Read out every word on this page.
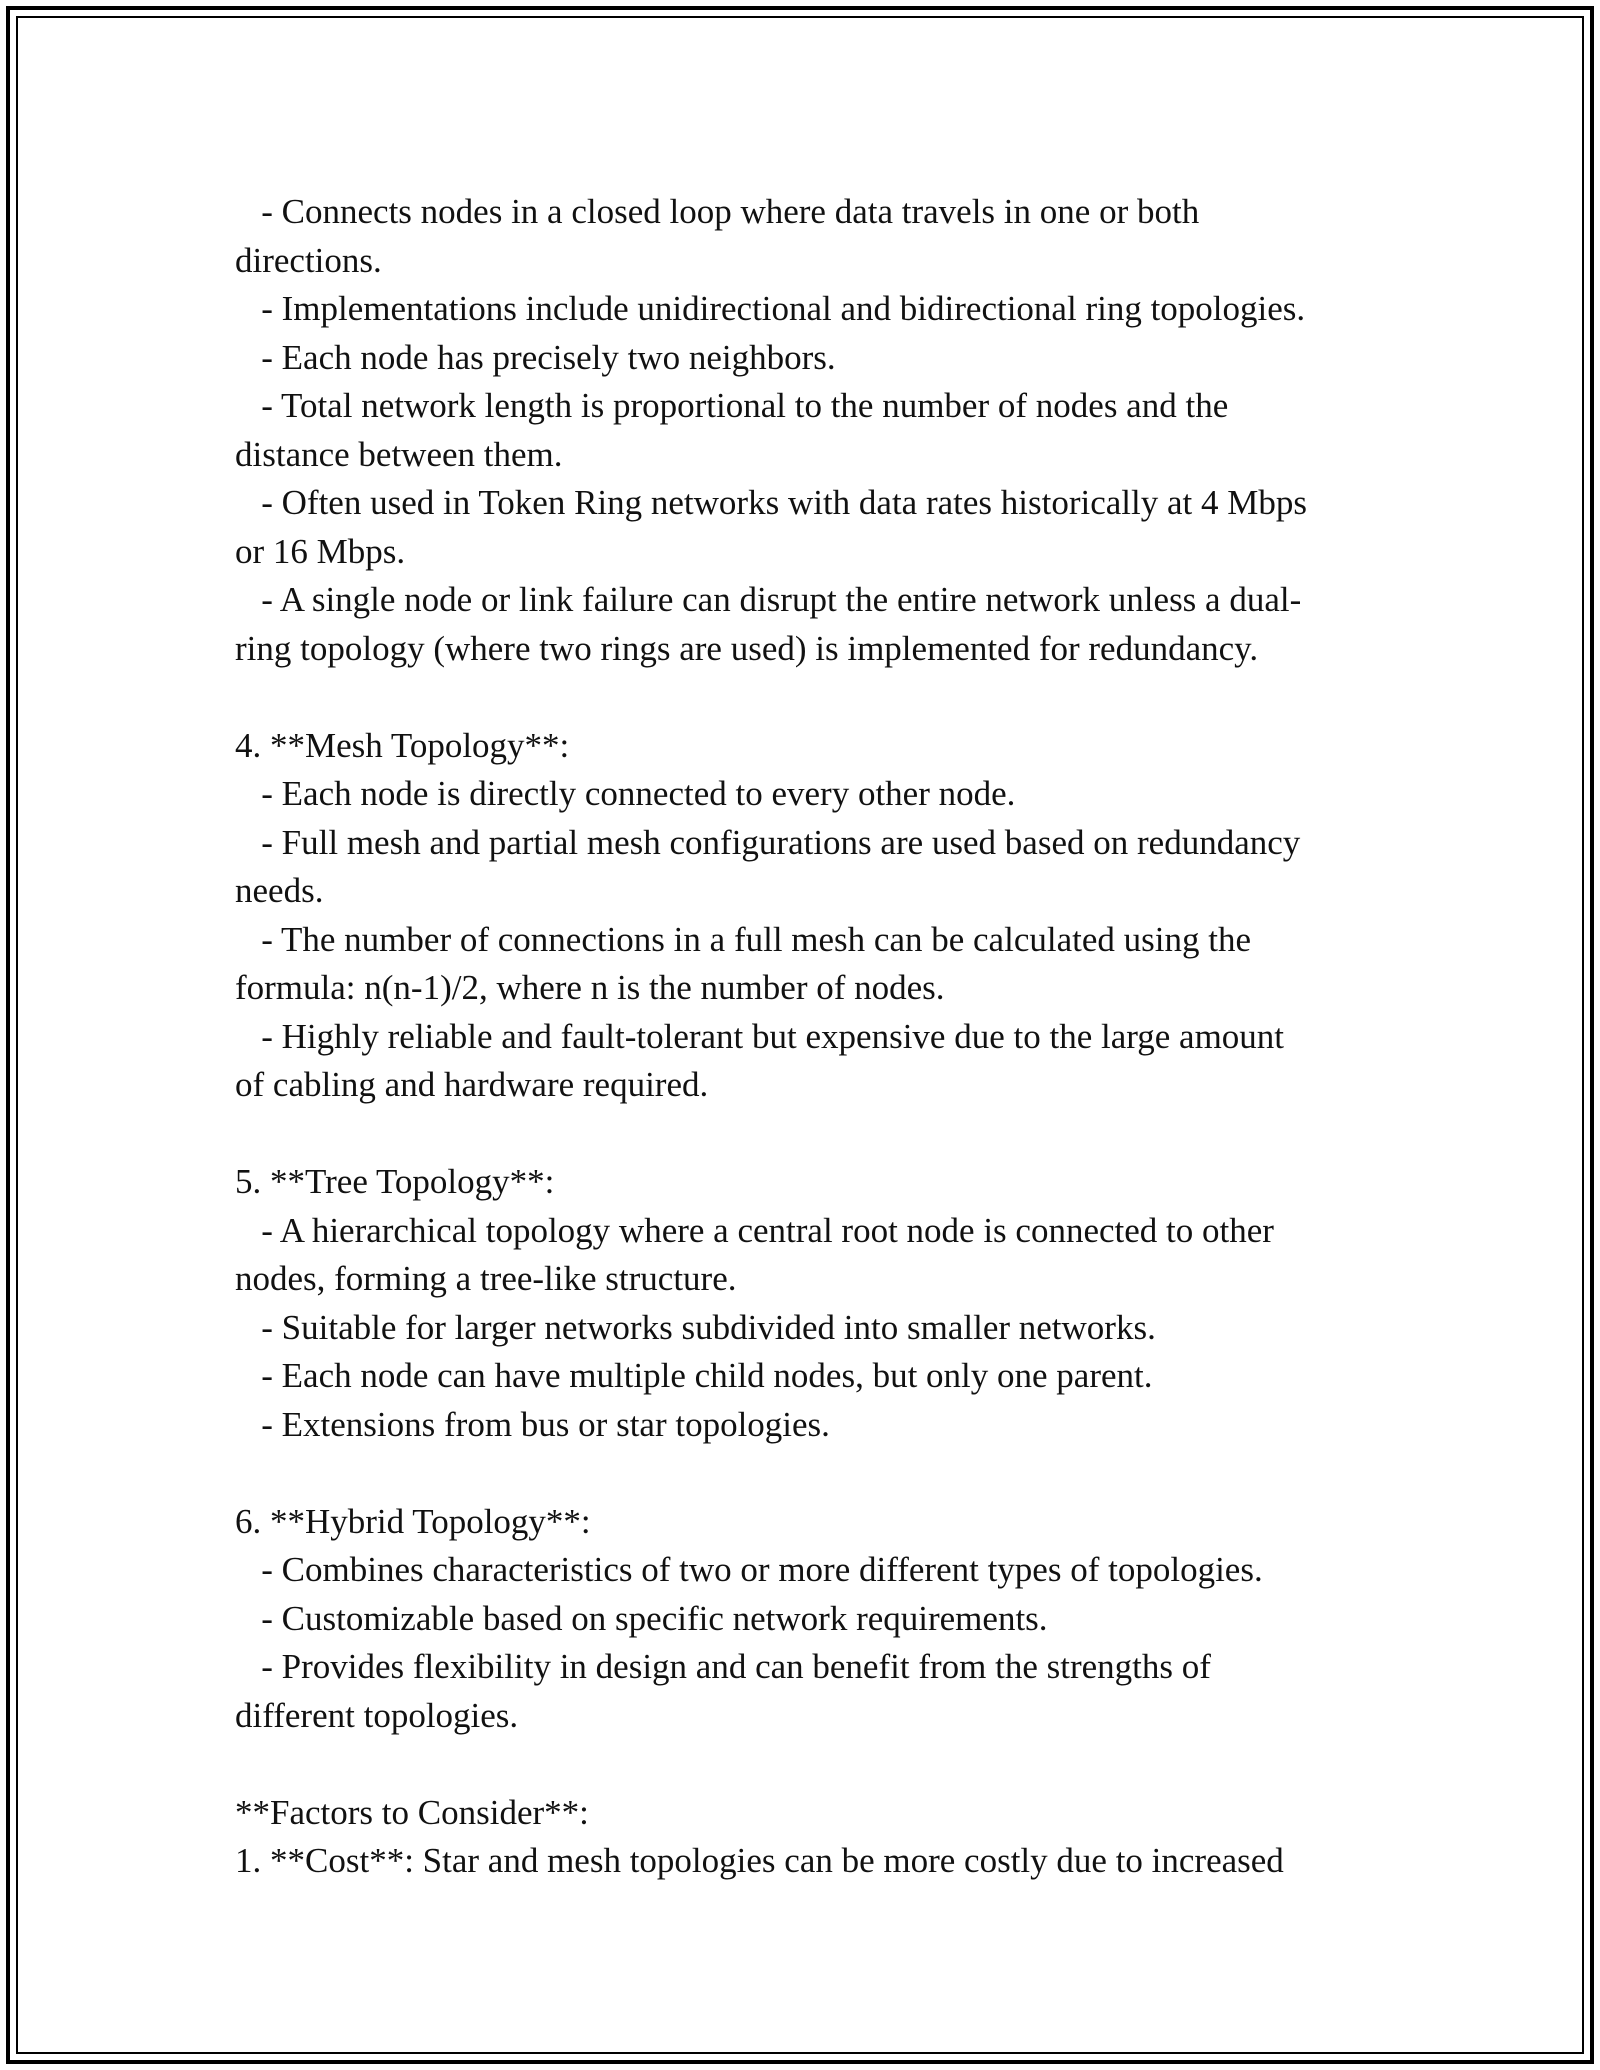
- Connects nodes in a closed loop where data travels in one or both

directions.

- Implementations include unidirectional and bidirectional ring topologies.

- Each node has precisely two neighbors.

- Total network length is proportional to the number of nodes and the

distance between them.

- Often used in Token Ring networks with data rates historically at 4 Mbps

or 16 Mbps.

- A single node or link failure can disrupt the entire network unless a dual-

ring topology (where two rings are used) is implemented for redundancy.

4. **Mesh Topology**:

- Each node is directly connected to every other node.

- Full mesh and partial mesh configurations are used based on redundancy

needs.

- The number of connections in a full mesh can be calculated using the

formula: n(n-1)/2, where n is the number of nodes.

- Highly reliable and fault-tolerant but expensive due to the large amount

of cabling and hardware required.

5. **Tree Topology**:

- A hierarchical topology where a central root node is connected to other

nodes, forming a tree-like structure.

- Suitable for larger networks subdivided into smaller networks.

- Each node can have multiple child nodes, but only one parent.

- Extensions from bus or star topologies.

6. **Hybrid Topology**:

- Combines characteristics of two or more different types of topologies.

- Customizable based on specific network requirements.

- Provides flexibility in design and can benefit from the strengths of

different topologies.

**Factors to Consider**:

1. **Cost**: Star and mesh topologies can be more costly due to increased
